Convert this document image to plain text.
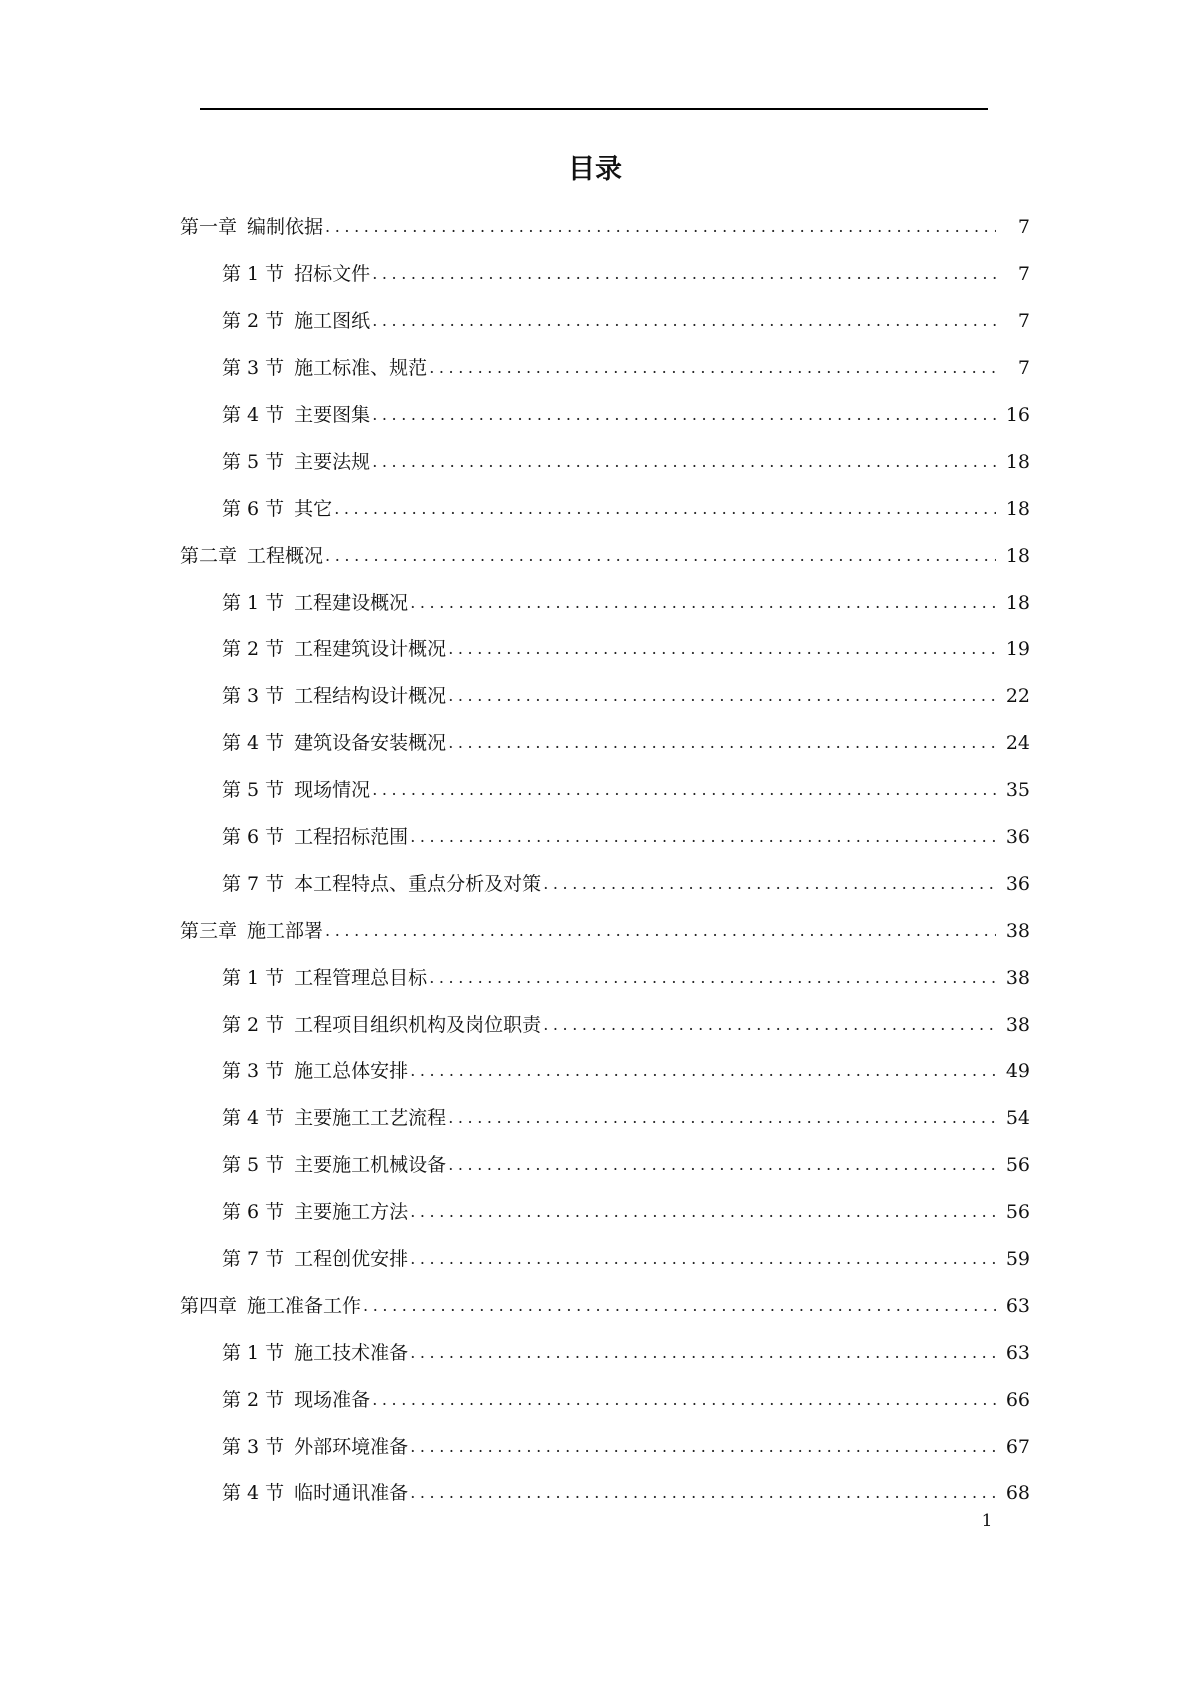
目录
第一章 编制依据 .....	7
第 1 节 招标文件 .....	7
第 2 节 施工图纸 .....	7
第 3 节 施工标准、规范 .....	7
第 4 节 主要图集 .....	16
第 5 节 主要法规 .....	18
第 6 节 其它 .....	18
第二章 工程概况 .....	18
第 1 节 工程建设概况 .....	18
第 2 节 工程建筑设计概况 .....	19
第 3 节 工程结构设计概况 .....	22
第 4 节 建筑设备安装概况 .....	24
第 5 节 现场情况 .....	35
第 6 节 工程招标范围 .....	36
第 7 节 本工程特点、重点分析及对策 .....	36
第三章 施工部署 .....	38
第 1 节 工程管理总目标 .....	38
第 2 节 工程项目组织机构及岗位职责 .....	38
第 3 节 施工总体安排 .....	49
第 4 节 主要施工工艺流程 .....	54
第 5 节 主要施工机械设备 .....	56
第 6 节 主要施工方法 .....	56
第 7 节 工程创优安排 .....	59
第四章 施工准备工作 .....	63
第 1 节 施工技术准备 .....	63
第 2 节 现场准备 .....	66
第 3 节 外部环境准备 .....	67
第 4 节 临时通讯准备 .....	68
1
